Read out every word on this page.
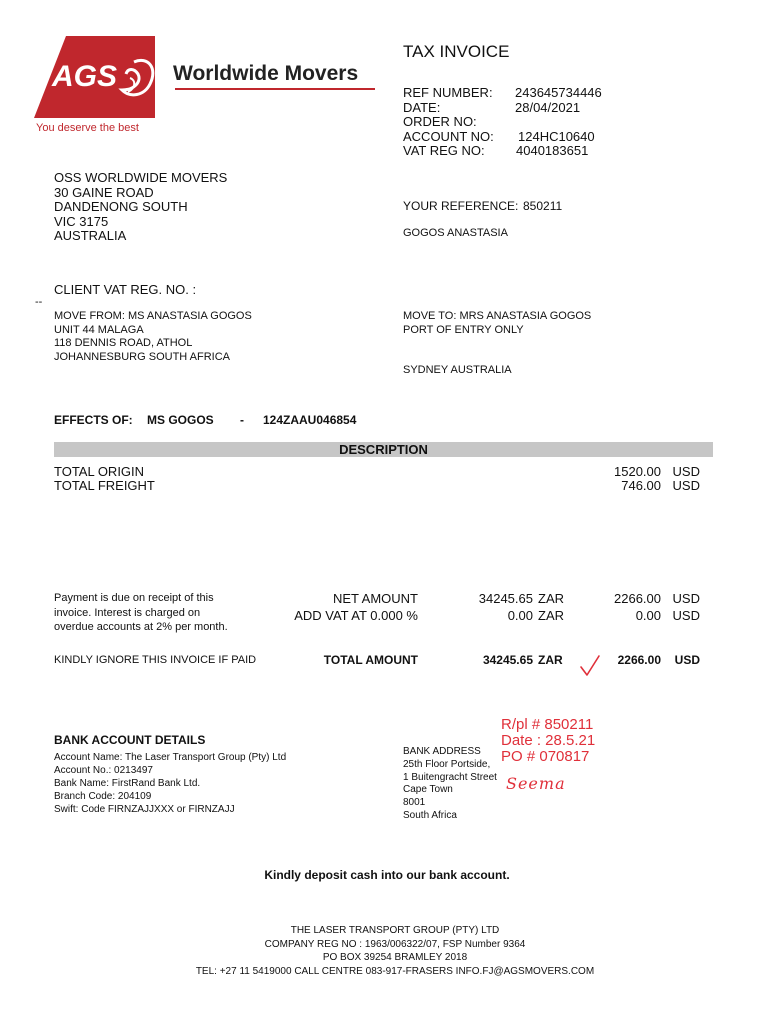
AGS	Worldwide Movers
You deserve the best
TAX INVOICE
REF NUMBER: 243645734446
DATE:	28/04/2021
ORDER NO:
ACCOUNT NO: 124HC10640
VAT REG NO: 4040183651
OSS WORLDWIDE MOVERS
30 GAINE ROAD
DANDENONG SOUTH
VIC 3175
AUSTRALIA
YOUR REFERENCE: 850211
GOGOS ANASTASIA
CLIENT VAT REG. NO. :
--
MOVE FROM: MS ANASTASIA GOGOS
UNIT 44 MALAGA
118 DENNIS ROAD, ATHOL
JOHANNESBURG SOUTH AFRICA
MOVE TO: MRS ANASTASIA GOGOS
PORT OF ENTRY ONLY
SYDNEY AUSTRALIA
EFFECTS OF: MS GOGOS - 124ZAAU046854
DESCRIPTION
TOTAL ORIGIN	1520.00 USD
TOTAL FREIGHT	746.00 USD
Payment is due on receipt of this
invoice. Interest is charged on
overdue accounts at 2% per month.
NET AMOUNT	34245.65 ZAR	2266.00 USD
ADD VAT AT 0.000 %	0.00 ZAR	0.00 USD
KINDLY IGNORE THIS INVOICE IF PAID	TOTAL AMOUNT	34245.65 ZAR	2266.00 USD
BANK ACCOUNT DETAILS
Account Name: The Laser Transport Group (Pty) Ltd
Account No.: 0213497
Bank Name: FirstRand Bank Ltd.
Branch Code: 204109
Swift: Code FIRNZAJJXXX or FIRNZAJJ
BANK ADDRESS
25th Floor Portside,
1 Buitengracht Street
Cape Town
8001
South Africa
R/pl # 850211
Date : 28.5.21
PO # 070817
Seema
Kindly deposit cash into our bank account.
THE LASER TRANSPORT GROUP (PTY) LTD
COMPANY REG NO : 1963/006322/07, FSP Number 9364
PO BOX 39254 BRAMLEY 2018
TEL: +27 11 5419000 CALL CENTRE 083-917-FRASERS INFO.FJ@AGSMOVERS.COM
